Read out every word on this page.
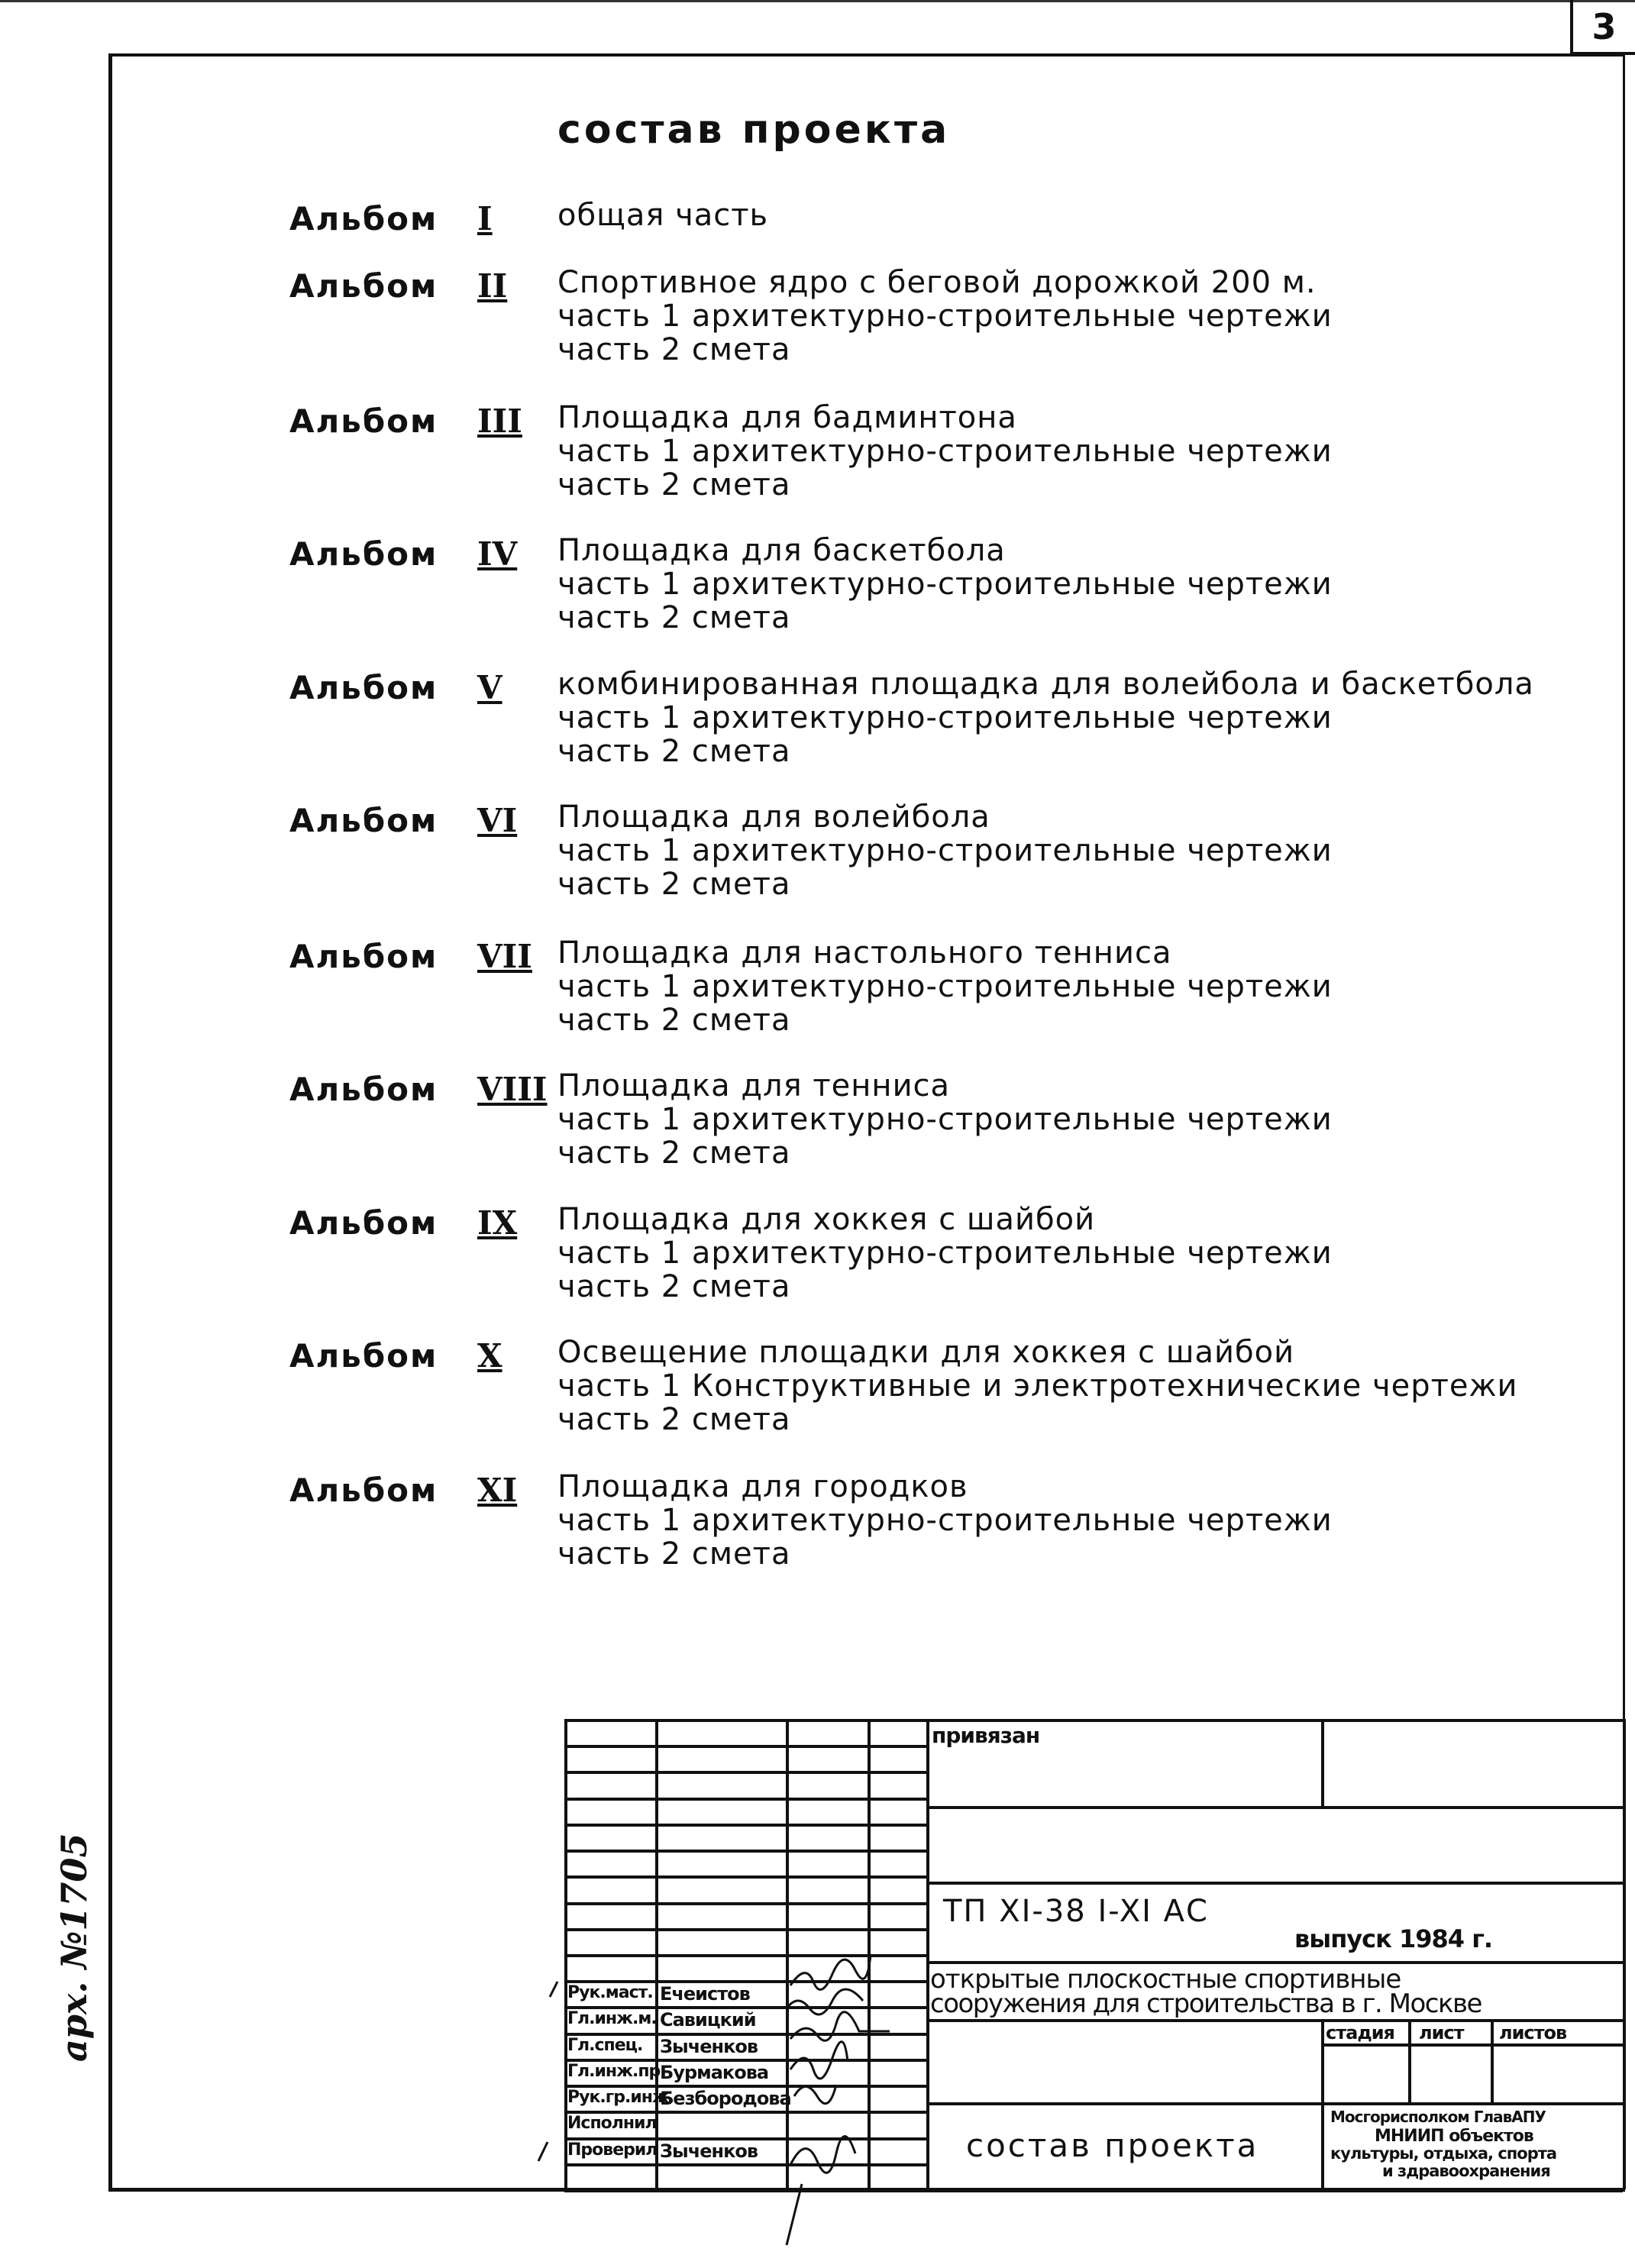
3
состав проекта
Альбом I общая часть
Альбом II Спортивное ядро с беговой дорожкой 200 м.
часть 1 архитектурно-строительные чертежи
часть 2 смета
Альбом III Площадка для бадминтона
часть 1 архитектурно-строительные чертежи
часть 2 смета
Альбом IV Площадка для баскетбола
часть 1 архитектурно-строительные чертежи
часть 2 смета
Альбом V комбинированная площадка для волейбола и баскетбола
часть 1 архитектурно-строительные чертежи
часть 2 смета
Альбом VI Площадка для волейбола
часть 1 архитектурно-строительные чертежи
часть 2 смета
Альбом VII Площадка для настольного тенниса
часть 1 архитектурно-строительные чертежи
часть 2 смета
Альбом VIII Площадка для тенниса
часть 1 архитектурно-строительные чертежи
часть 2 смета
Альбом IX Площадка для хоккея с шайбой
часть 1 архитектурно-строительные чертежи
часть 2 смета
Альбом X Освещение площадки для хоккея с шайбой
часть 1 Конструктивные и электротехнические чертежи
часть 2 смета
Альбом XI Площадка для городков
часть 1 архитектурно-строительные чертежи
часть 2 смета
привязан
ТП XI-38 I-XI АС
выпуск 1984 г.
открытые плоскостные спортивные
сооружения для строительства в г. Москве
стадия лист листов
состав проекта
Мосгорисполком ГлавАПУ
МНИИП объектов
культуры, отдыха, спорта
и здравоохранения
Рук.маст. Ечеистов
Гл.инж.м. Савицкий
Гл.спец. Зыченков
Гл.инж.пр.
Бурмакова
Рук.гр.инж.
Безбородова
Исполнил
Проверил Зыченков
арх. №1705
